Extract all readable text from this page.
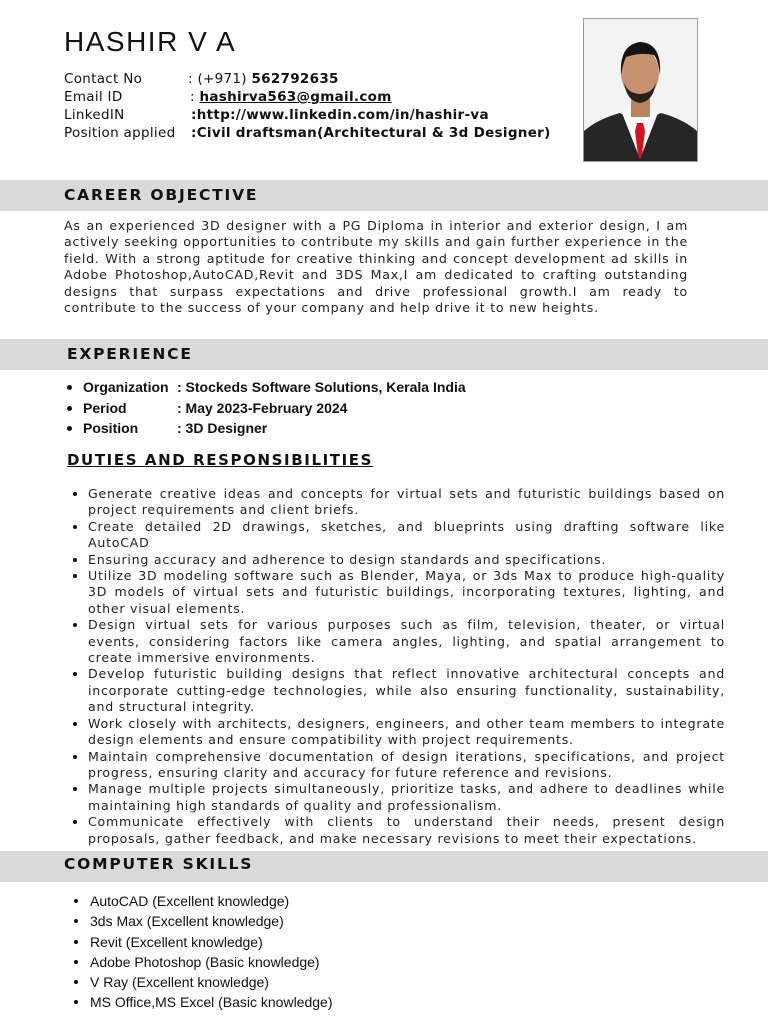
HASHIR V A
Contact No	: (+971) 562792635
Email ID	: hashirva563@gmail.com
LinkedIN	:http://www.linkedin.com/in/hashir-va
Position applied :Civil draftsman(Architectural & 3d Designer)
CAREER OBJECTIVE

As an experienced 3D designer with a PG Diploma in interior and exterior design, I am actively seeking opportunities to contribute my skills and gain further experience in the field. With a strong aptitude for creative thinking and concept development ad skills in Adobe Photoshop,AutoCAD,Revit and 3DS Max,I am dedicated to crafting outstanding designs that surpass expectations and drive professional growth.I am ready to contribute to the success of your company and help drive it to new heights.

EXPERIENCE
Organization : Stockeds Software Solutions, Kerala India
Period	: May 2023-February 2024
Position	: 3D Designer
DUTIES AND RESPONSIBILITIES
Generate creative ideas and concepts for virtual sets and futuristic buildings based on project requirements and client briefs.
Create detailed 2D drawings, sketches, and blueprints using drafting software like AutoCAD
Ensuring accuracy and adherence to design standards and specifications.
Utilize 3D modeling software such as Blender, Maya, or 3ds Max to produce high-quality 3D models of virtual sets and futuristic buildings, incorporating textures, lighting, and other visual elements.
Design virtual sets for various purposes such as film, television, theater, or virtual events, considering factors like camera angles, lighting, and spatial arrangement to create immersive environments.
Develop futuristic building designs that reflect innovative architectural concepts and incorporate cutting-edge technologies, while also ensuring functionality, sustainability, and structural integrity.
Work closely with architects, designers, engineers, and other team members to integrate design elements and ensure compatibility with project requirements.
Maintain comprehensive documentation of design iterations, specifications, and project progress, ensuring clarity and accuracy for future reference and revisions.
Manage multiple projects simultaneously, prioritize tasks, and adhere to deadlines while maintaining high standards of quality and professionalism.
Communicate effectively with clients to understand their needs, present design proposals, gather feedback, and make necessary revisions to meet their expectations.
COMPUTER SKILLS
AutoCAD (Excellent knowledge)
3ds Max (Excellent knowledge)
Revit (Excellent knowledge)
Adobe Photoshop (Basic knowledge)
V Ray (Excellent knowledge)
MS Office,MS Excel (Basic knowledge)
